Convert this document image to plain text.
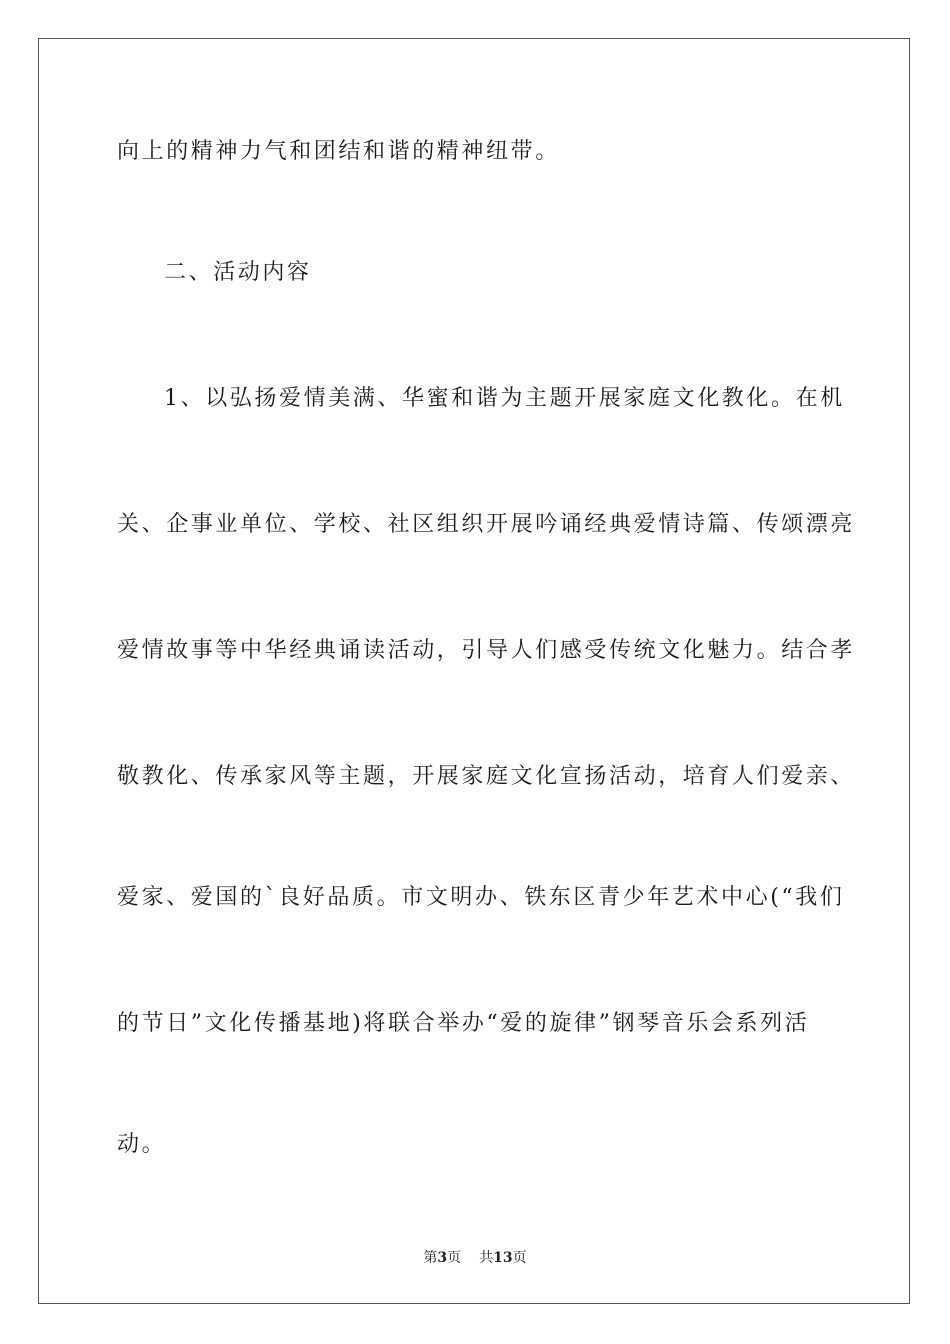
向上的精神力气和团结和谐的精神纽带。
二、活动内容
1、以弘扬爱情美满、华蜜和谐为主题开展家庭文化教化。在机
关、企事业单位、学校、社区组织开展吟诵经典爱情诗篇、传颂漂亮
爱情故事等中华经典诵读活动，引导人们感受传统文化魅力。结合孝
敬教化、传承家风等主题，开展家庭文化宣扬活动，培育人们爱亲、
爱家、爱国的`良好品质。市文明办、铁东区青少年艺术中心(“我们
的节日”文化传播基地)将联合举办“爱的旋律”钢琴音乐会系列活
动。
第3页 共13页
